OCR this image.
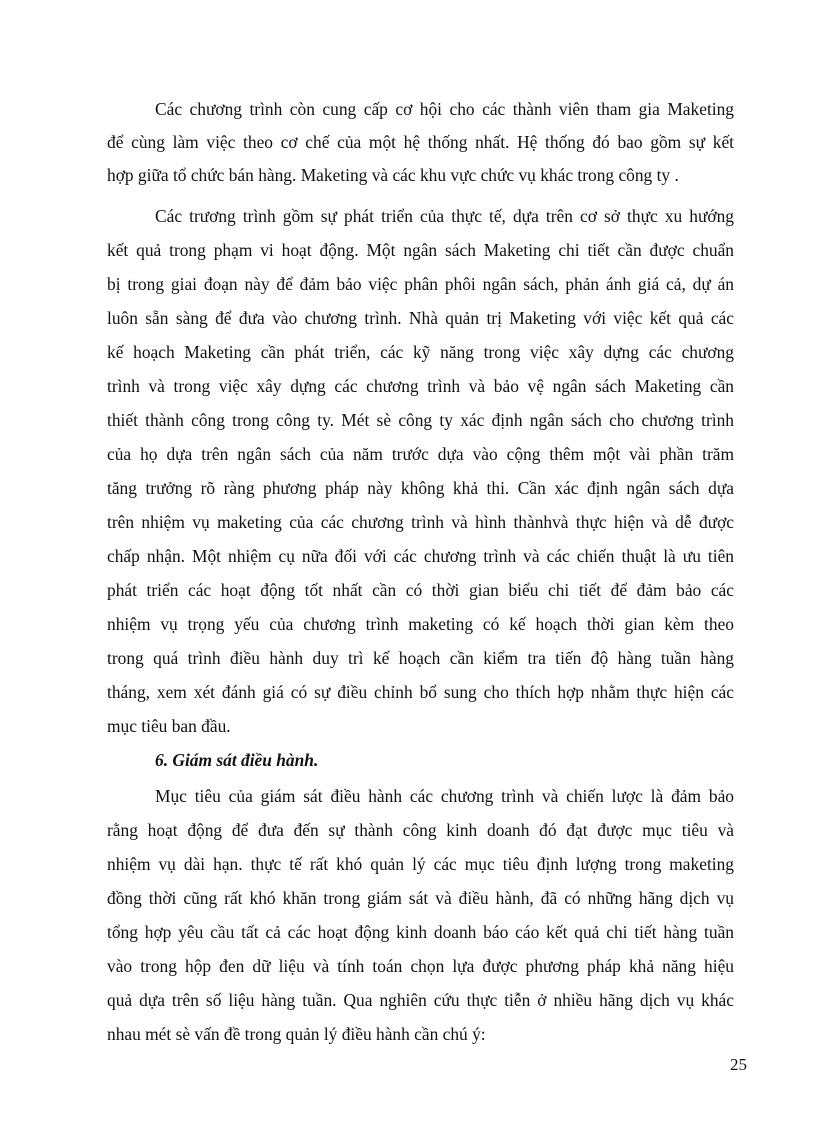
Các chương trình còn cung cấp cơ hội cho các thành viên tham gia Maketing
để cùng làm việc theo cơ chế của một hệ thống nhất. Hệ thống đó bao gồm sự kết
hợp giữa tổ chức bán hàng. Maketing và các khu vực chức vụ khác trong công ty .
Các trương trình gồm sự phát triển của thực tế, dựa trên cơ sở thực xu hướng
kết quả trong phạm vi hoạt động. Một ngân sách Maketing chi tiết cần được chuẩn
bị trong giai đoạn này để đảm bảo việc phân phôi ngân sách, phản ánh giá cả, dự án
luôn sẵn sàng để đưa vào chương trình. Nhà quản trị Maketing với việc kết quả các
kế hoạch Maketing cần phát triển, các kỹ năng trong việc xây dựng các chương
trình và trong việc xây dựng các chương trình và bảo vệ ngân sách Maketing cần
thiết thành công trong công ty. Mét sè công ty xác định ngân sách cho chương trình
của họ dựa trên ngân sách của năm trước dựa vào cộng thêm một vài phần trăm
tăng trưởng rõ ràng phương pháp này không khả thi. Cần xác định ngân sách dựa
trên nhiệm vụ maketing của các chương trình và hình thànhvà thực hiện và dễ được
chấp nhận. Một nhiệm cụ nữa đối với các chương trình và các chiến thuật là ưu tiên
phát triển các hoạt động tốt nhất cần có thời gian biểu chi tiết để đảm bảo các
nhiệm vụ trọng yếu của chương trình maketing có kế hoạch thời gian kèm theo
trong quá trình điều hành duy trì kế hoạch cần kiểm tra tiến độ hàng tuần hàng
tháng, xem xét đánh giá có sự điều chỉnh bổ sung cho thích hợp nhằm thực hiện các
mục tiêu ban đầu.
6. Giám sát điều hành.
Mục tiêu của giám sát điều hành các chương trình và chiến lược là đảm bảo
rằng hoạt động để đưa đến sự thành công kinh doanh đó đạt được mục tiêu và
nhiệm vụ dài hạn. thực tế rất khó quản lý các mục tiêu định lượng trong maketing
đồng thời cũng rất khó khăn trong giám sát và điều hành, đã có những hãng dịch vụ
tổng hợp yêu cầu tất cả các hoạt động kinh doanh báo cáo kết quả chi tiết hàng tuần
vào trong hộp đen dữ liệu và tính toán chọn lựa được phương pháp khả năng hiệu
quả dựa trên số liệu hàng tuần. Qua nghiên cứu thực tiễn ở nhiều hãng dịch vụ khác
nhau mét sè vấn đề trong quản lý điều hành cần chú ý:
25
